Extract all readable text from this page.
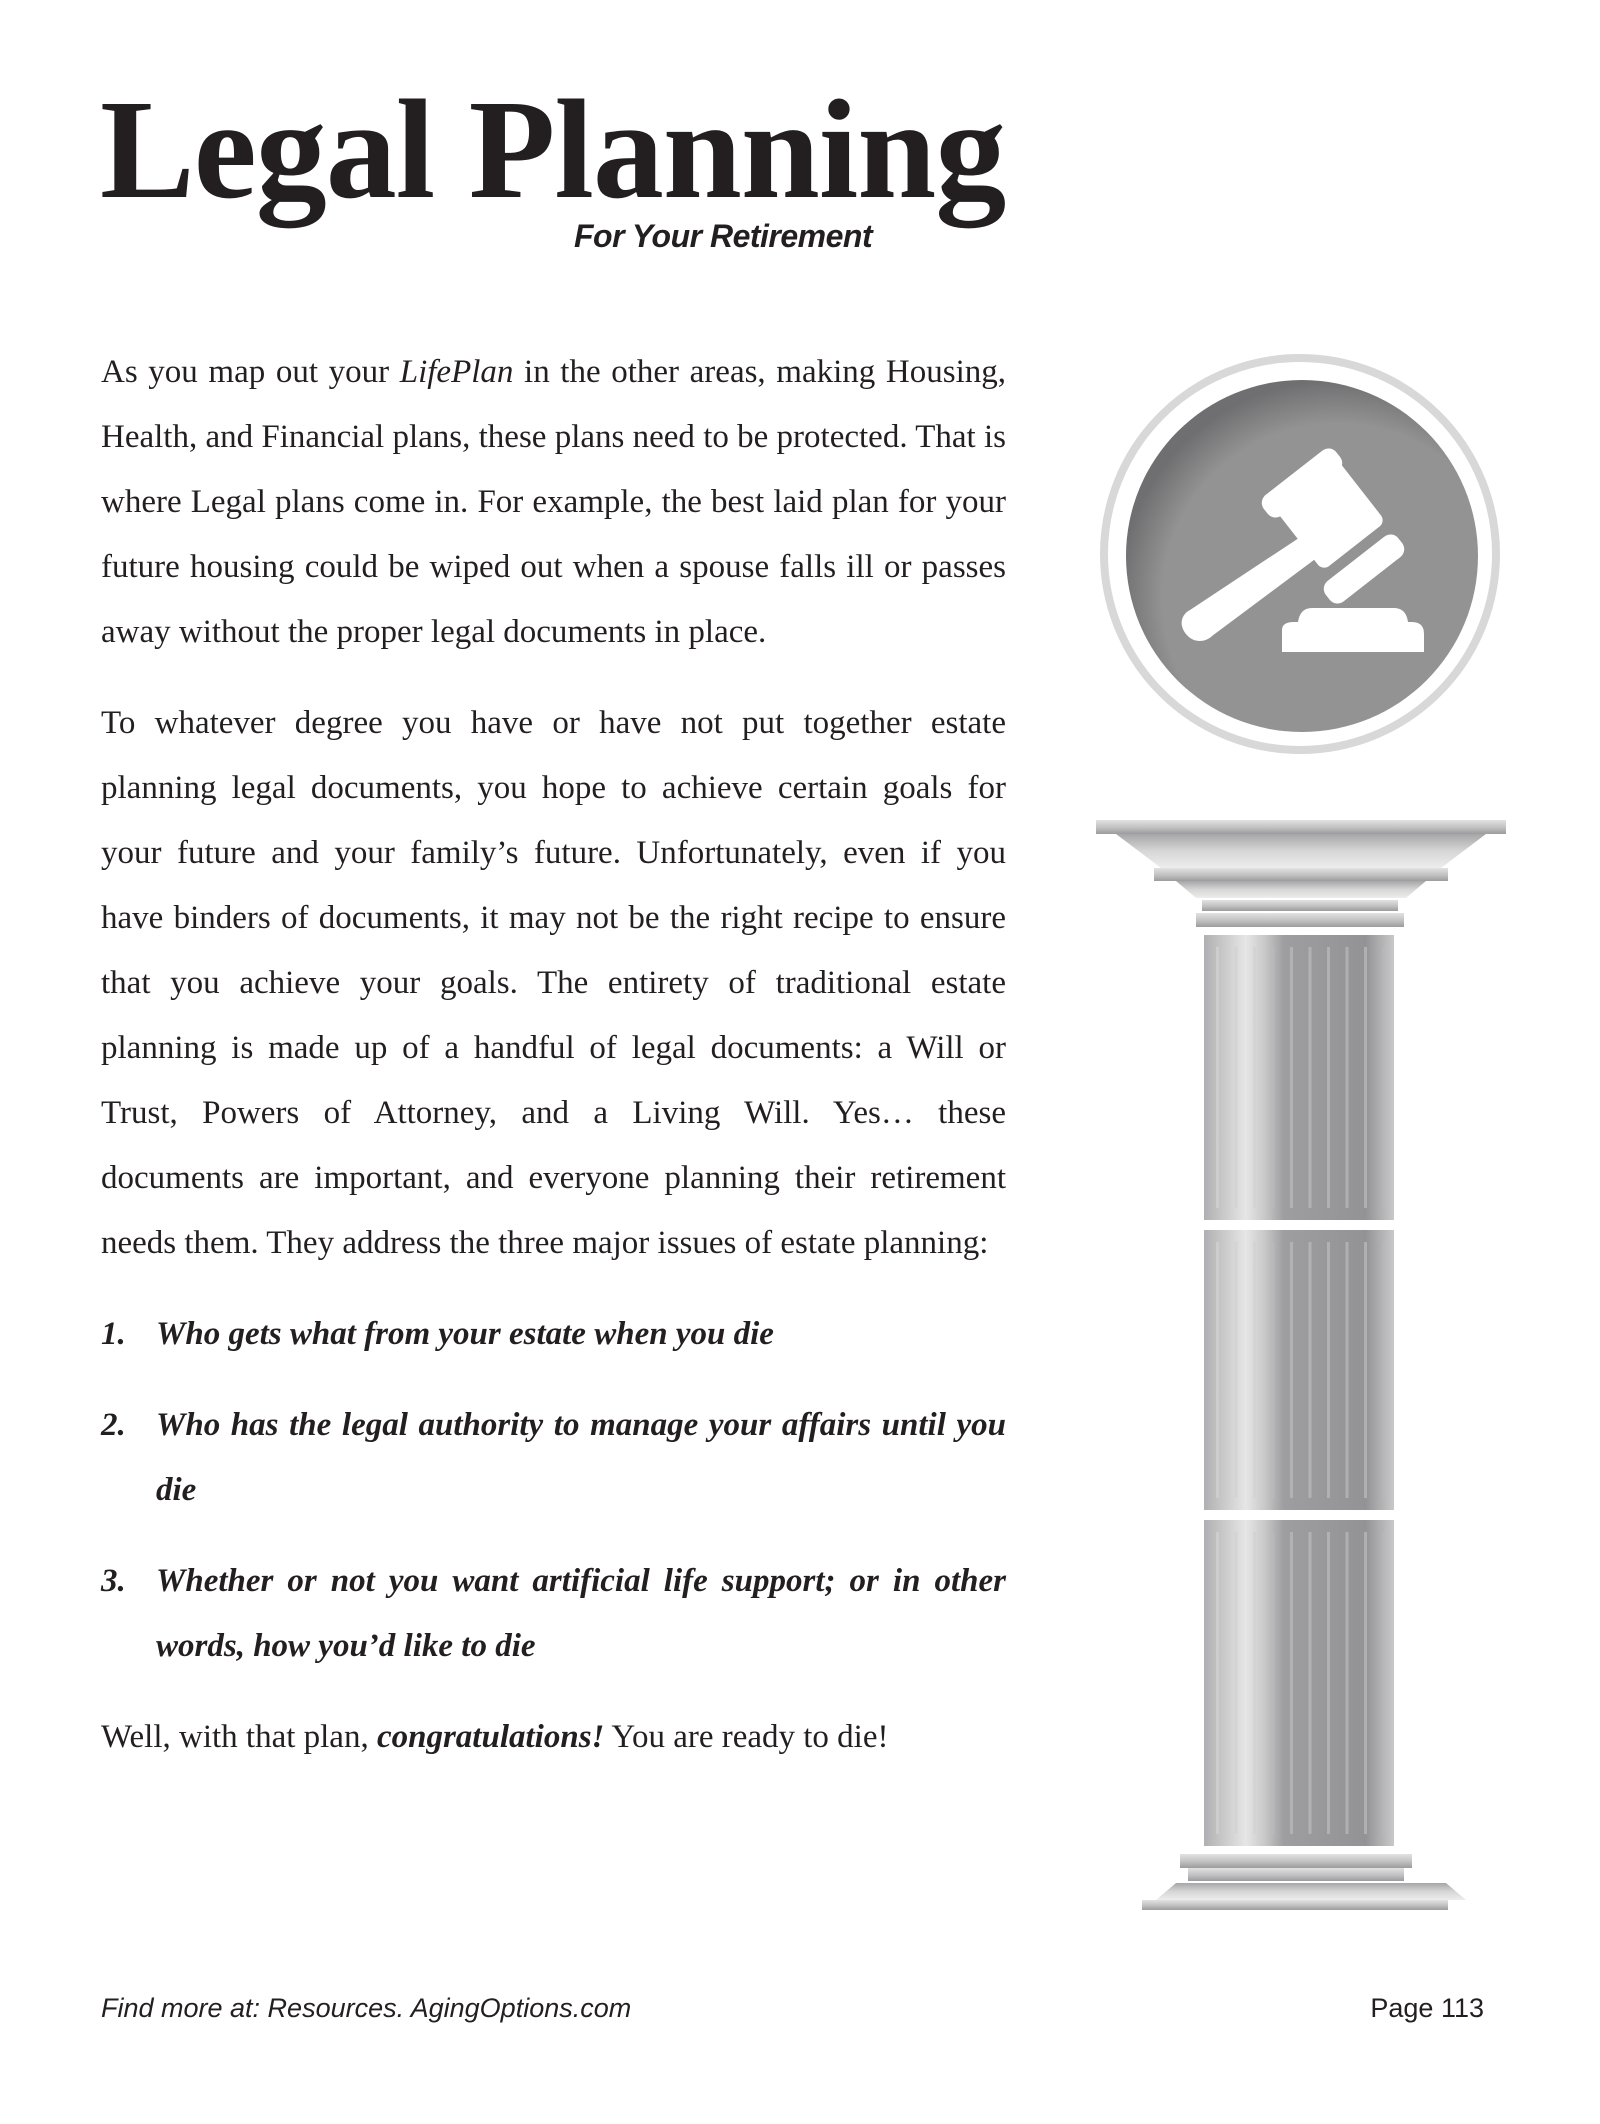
Legal Planning
For Your Retirement

As you map out your LifePlan in the other areas, making Housing, Health, and Financial plans, these plans need to be protected. That is where Legal plans come in. For example, the best laid plan for your future housing could be wiped out when a spouse falls ill or passes away without the proper legal documents in place.

To whatever degree you have or have not put together estate planning legal documents, you hope to achieve certain goals for your future and your family’s future. Unfortunately, even if you have binders of documents, it may not be the right recipe to ensure that you achieve your goals. The entirety of traditional estate planning is made up of a handful of legal documents: a Will or Trust, Powers of Attorney, and a Living Will. Yes… these documents are important, and everyone planning their retirement needs them. They address the three major issues of estate planning:

1. Who gets what from your estate when you die
2. Who has the legal authority to manage your affairs until you die
3. Whether or not you want artificial life support; or in other words, how you’d like to die

Well, with that plan, congratulations! You are ready to die!

Find more at: Resources. AgingOptions.com	Page 113
